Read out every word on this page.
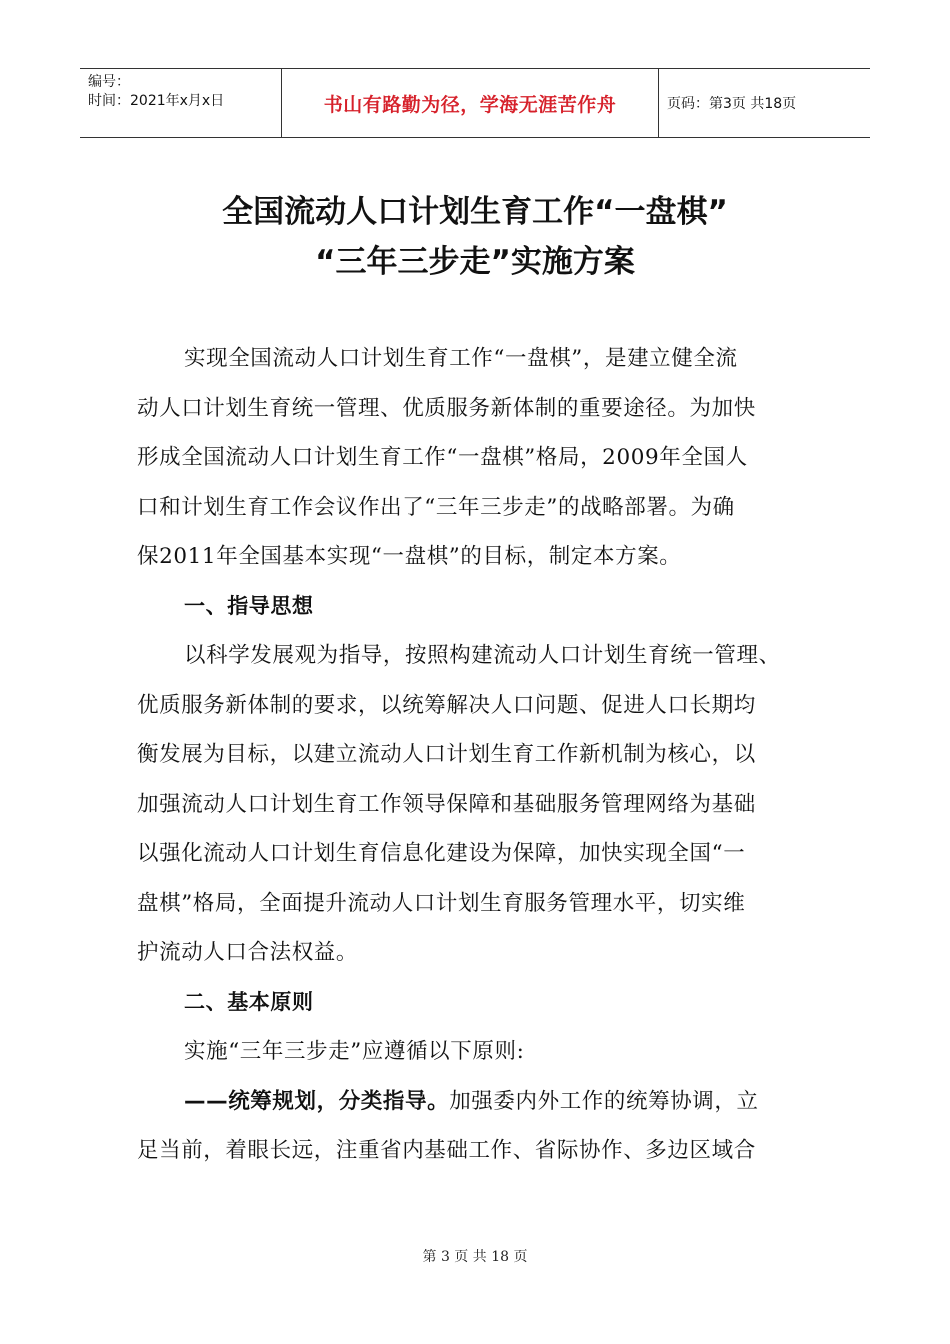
编号：
时间：2021年x月x日	书山有路勤为径，学海无涯苦作舟	页码：第3页 共18页
全国流动人口计划生育工作“一盘棋”
“三年三步走”实施方案
实现全国流动人口计划生育工作“一盘棋”，是建立健全流
动人口计划生育统一管理、优质服务新体制的重要途径。为加快
形成全国流动人口计划生育工作“一盘棋”格局，2009年全国人
口和计划生育工作会议作出了“三年三步走”的战略部署。为确
保2011年全国基本实现“一盘棋”的目标，制定本方案。
一、指导思想
以科学发展观为指导，按照构建流动人口计划生育统一管理、
优质服务新体制的要求，以统筹解决人口问题、促进人口长期均
衡发展为目标，以建立流动人口计划生育工作新机制为核心，以
加强流动人口计划生育工作领导保障和基础服务管理网络为基础
以强化流动人口计划生育信息化建设为保障，加快实现全国“一
盘棋”格局，全面提升流动人口计划生育服务管理水平，切实维
护流动人口合法权益。
二、基本原则
实施“三年三步走”应遵循以下原则:
——统筹规划，分类指导。加强委内外工作的统筹协调，立
足当前，着眼长远，注重省内基础工作、省际协作、多边区域合
第 3 页 共 18 页
